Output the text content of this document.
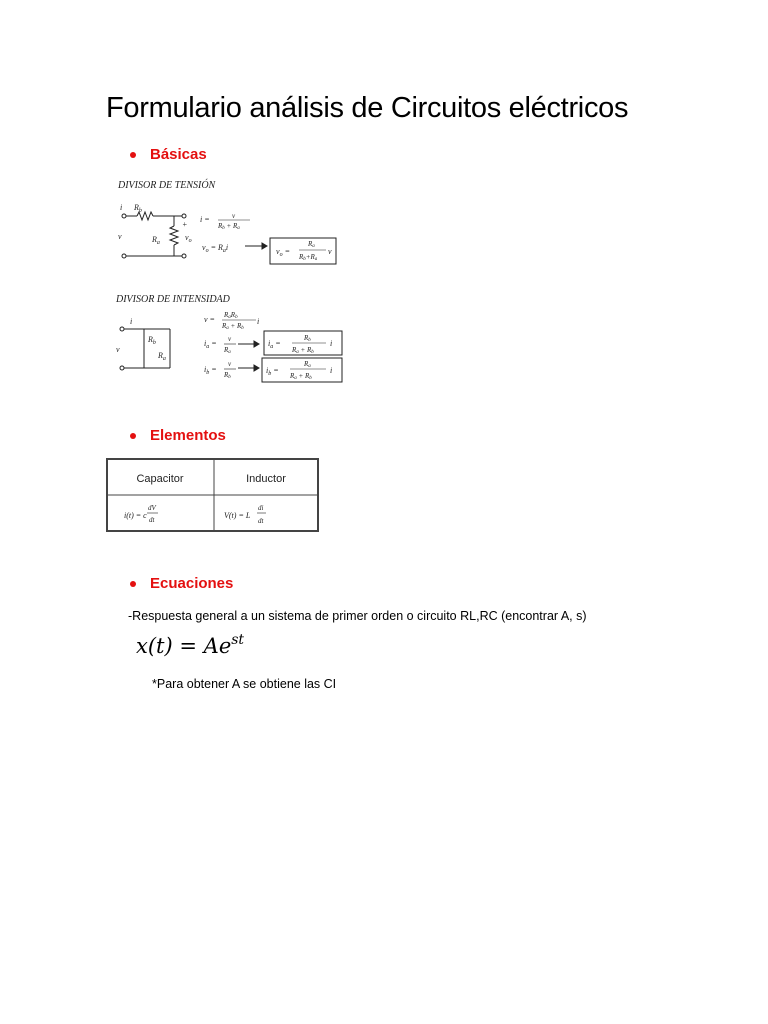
Formulario análisis de Circuitos eléctricos
Básicas
DIVISOR DE TENSIÓN
i $R_b$
$R_a$
v
+
$v_o$
i =	v
Rb + Ra
$v_o = R_ai$	$v_o$ =
Ra
Rb+Ra
v
DIVISOR DE INTENSIDAD
i
$R_b$
$R_a$
v
v = RaRb
Ra + Rb
i
$i_a = v$
Ra
$i_a$ =
Rb
Ra + Rb
i
$i_b$ =
v
Rb
$i_b$ =
Ra
Ra + Rb
i
Elementos
Capacitor	Inductor
i(t) = c
dV
dt	V(t) = L
di
dt
Ecuaciones
-Respuesta general a un sistema de primer orden o circuito RL,RC (encontrar A, s)
$x(t) = Ae^{st}$
*Para obtener A se obtiene las CI
